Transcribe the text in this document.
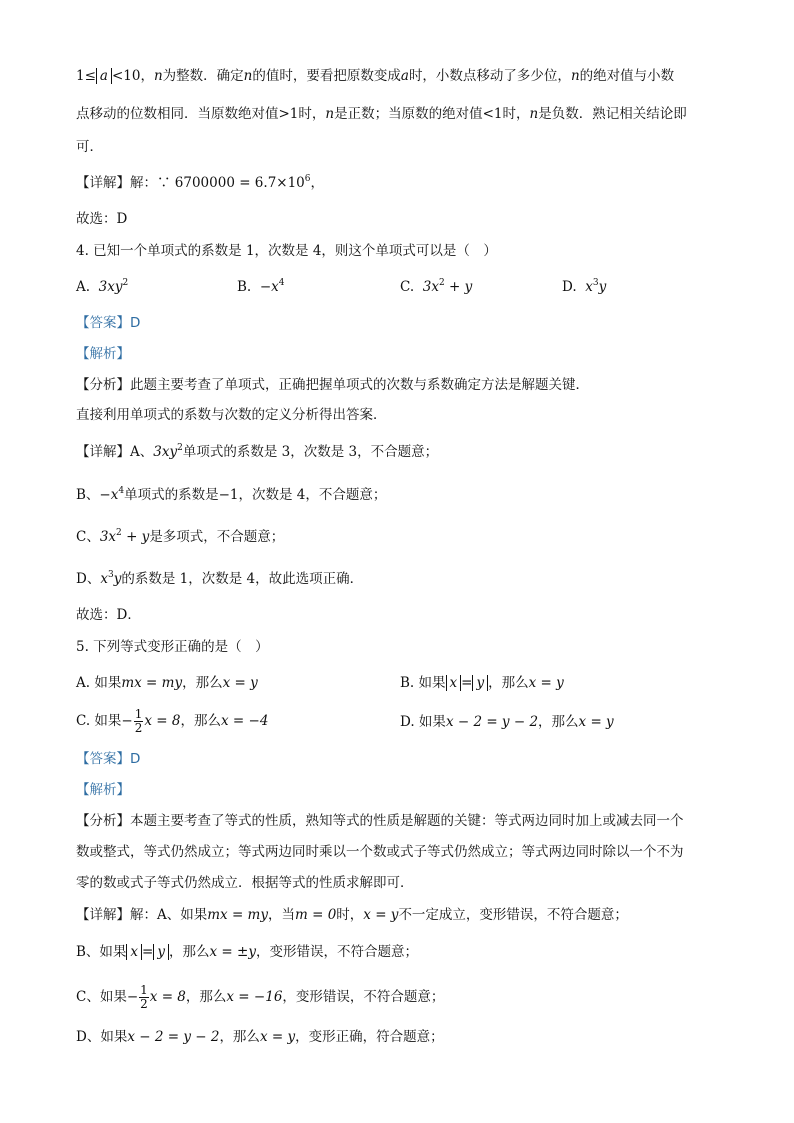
1≤ a <10，n为整数．确定n的值时，要看把原数变成a时，小数点移动了多少位，n的绝对值与小数
点移动的位数相同．当原数绝对值>1时，n是正数；当原数的绝对值<1时，n是负数．熟记相关结论即
可．
【详解】解：∵ $6700000 = 6.7\times 10^6$，
故选：D
4. 已知一个单项式的系数是 1，次数是 4，则这个单项式可以是（　）
A. $3xy^2$	B. $-x^4$	C. $3x^2 + y$	D. $x^3y$
【答案】D
【解析】
【分析】此题主要考查了单项式，正确把握单项式的次数与系数确定方法是解题关键．
直接利用单项式的系数与次数的定义分析得出答案．
【详解】A、$3xy^2$单项式的系数是 3，次数是 3，不合题意；
B、$-x^4$单项式的系数是−1，次数是 4，不合题意；
C、$3x^2 + y$是多项式，不合题意；
D、$x^3y$的系数是 1，次数是 4，故此选项正确．
故选：D．
5. 下列等式变形正确的是（　）
A. 如果mx = my，那么x = y	B. 如果 x = y ，那么x = y
C. 如果− $\frac{1}{2}$ x = 8，那么x = −4	D. 如果x − 2 = y − 2，那么x = y
【答案】D
【解析】
【分析】本题主要考查了等式的性质，熟知等式的性质是解题的关键：等式两边同时加上或减去同一个
数或整式，等式仍然成立；等式两边同时乘以一个数或式子等式仍然成立；等式两边同时除以一个不为
零的数或式子等式仍然成立．根据等式的性质求解即可．
【详解】解：A、如果mx = my，当m = 0时，x = y不一定成立，变形错误，不符合题意；
B、如果 x = y ，那么x = ±y，变形错误，不符合题意；
C、如果− $\frac{1}{2}$ x = 8，那么x = −16，变形错误，不符合题意；
D、如果x − 2 = y − 2，那么x = y，变形正确，符合题意；
